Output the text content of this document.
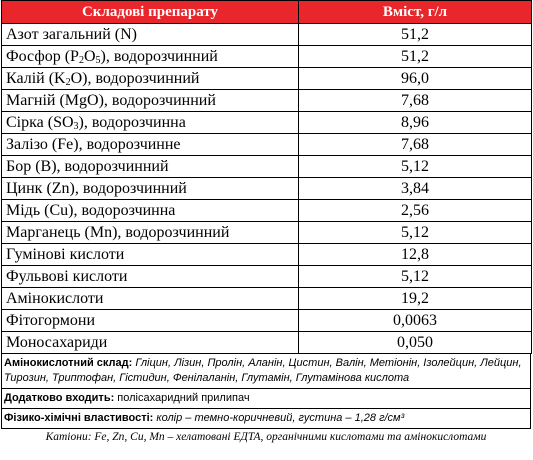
Складові препарату	Вміст, г/л
Азот загальний (N)	51,2
Фосфор $(P_2O_5)$, водорозчинний	51,2
Калій $(K_2O)$, водорозчинний	96,0
Магній (MgO), водорозчинний	7,68
Сірка $(SO_3)$, водорозчинна	8,96
Залізо (Fe), водорозчинне	7,68
Бор (B), водорозчинний	5,12
Цинк (Zn), водорозчинний	3,84
Мідь (Cu), водорозчинна	2,56
Марганець (Mn), водорозчинний	5,12
Гумінові кислоти	12,8
Фульвові кислоти	5,12
Амінокислоти	19,2
Фітогормони	0,0063
Моносахариди	0,050
Амінокислотний склад: Гліцин, Лізин, Пролін, Аланін, Цистин, Валін, Метіонін, Ізолейцин, Лейцин, Тирозин, Триптофан, Гістидин, Фенілаланін, Глутамін, Глутамінова кислота
Додатково входить: полісахаридний прилипач
Фізико-хімічні властивості: колір – темно-коричневий, густина – 1,28 г/см³
Катіони: Fe, Zn, Cu, Mn – хелатовані ЕДТА, органічними кислотами та амінокислотами
